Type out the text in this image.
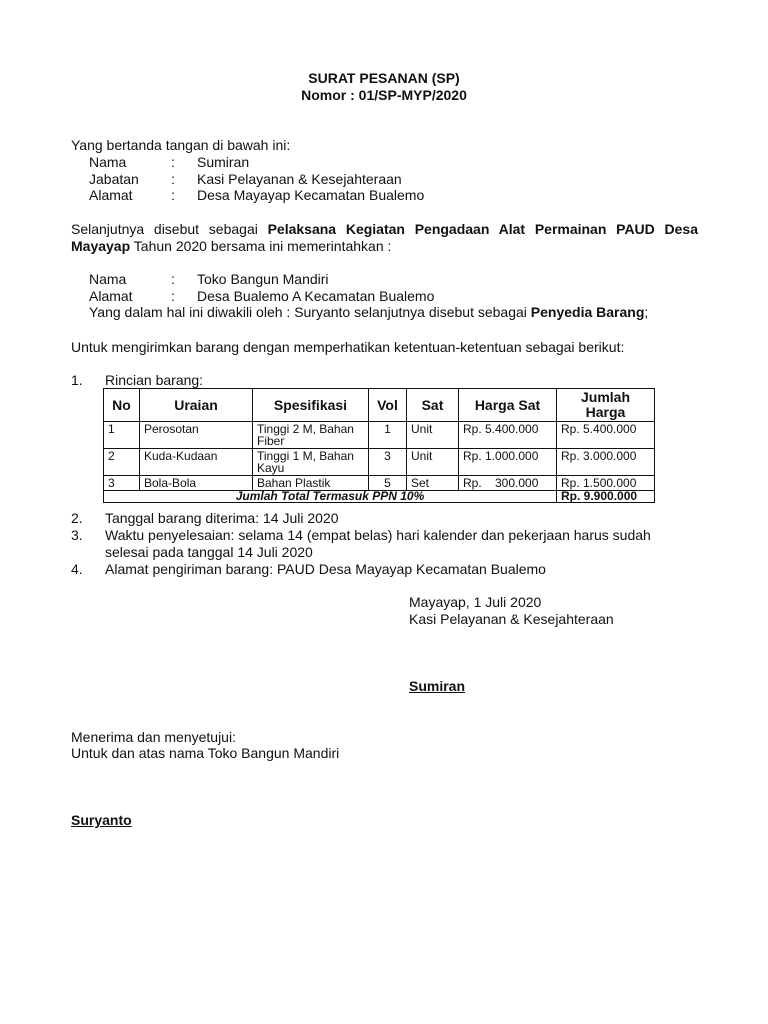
SURAT PESANAN (SP)
Nomor : 01/SP-MYP/2020
Yang bertanda tangan di bawah ini:
Nama	: Sumiran
Jabatan : Kasi Pelayanan & Kesejahteraan
Alamat	: Desa Mayayap Kecamatan Bualemo
Selanjutnya disebut sebagai Pelaksana Kegiatan Pengadaan Alat Permainan PAUD Desa Mayayap Tahun 2020 bersama ini memerintahkan :
Nama	: Toko Bangun Mandiri
Alamat	: Desa Bualemo A Kecamatan Bualemo
Yang dalam hal ini diwakili oleh : Suryanto selanjutnya disebut sebagai Penyedia Barang;
Untuk mengirimkan barang dengan memperhatikan ketentuan-ketentuan sebagai berikut:
1. Rincian barang:
No	Uraian	Spesifikasi	Vol	Sat	Harga Sat	Jumlah Harga
1	Perosotan	Tinggi 2 M, Bahan Fiber	1	Unit	Rp. 5.400.000	Rp. 5.400.000
2	Kuda-Kudaan	Tinggi 1 M, Bahan Kayu	3	Unit	Rp. 1.000.000	Rp. 3.000.000
3	Bola-Bola	Bahan Plastik	5	Set	Rp.    300.000	Rp. 1.500.000
Jumlah Total Termasuk PPN 10%						Rp. 9.900.000
2. Tanggal barang diterima: 14 Juli 2020
3. Waktu penyelesaian: selama 14 (empat belas) hari kalender dan pekerjaan harus sudah
selesai pada tanggal 14 Juli 2020
4. Alamat pengiriman barang: PAUD Desa Mayayap Kecamatan Bualemo
Mayayap, 1 Juli 2020
Kasi Pelayanan & Kesejahteraan
Sumiran
Menerima dan menyetujui:
Untuk dan atas nama Toko Bangun Mandiri
Suryanto
